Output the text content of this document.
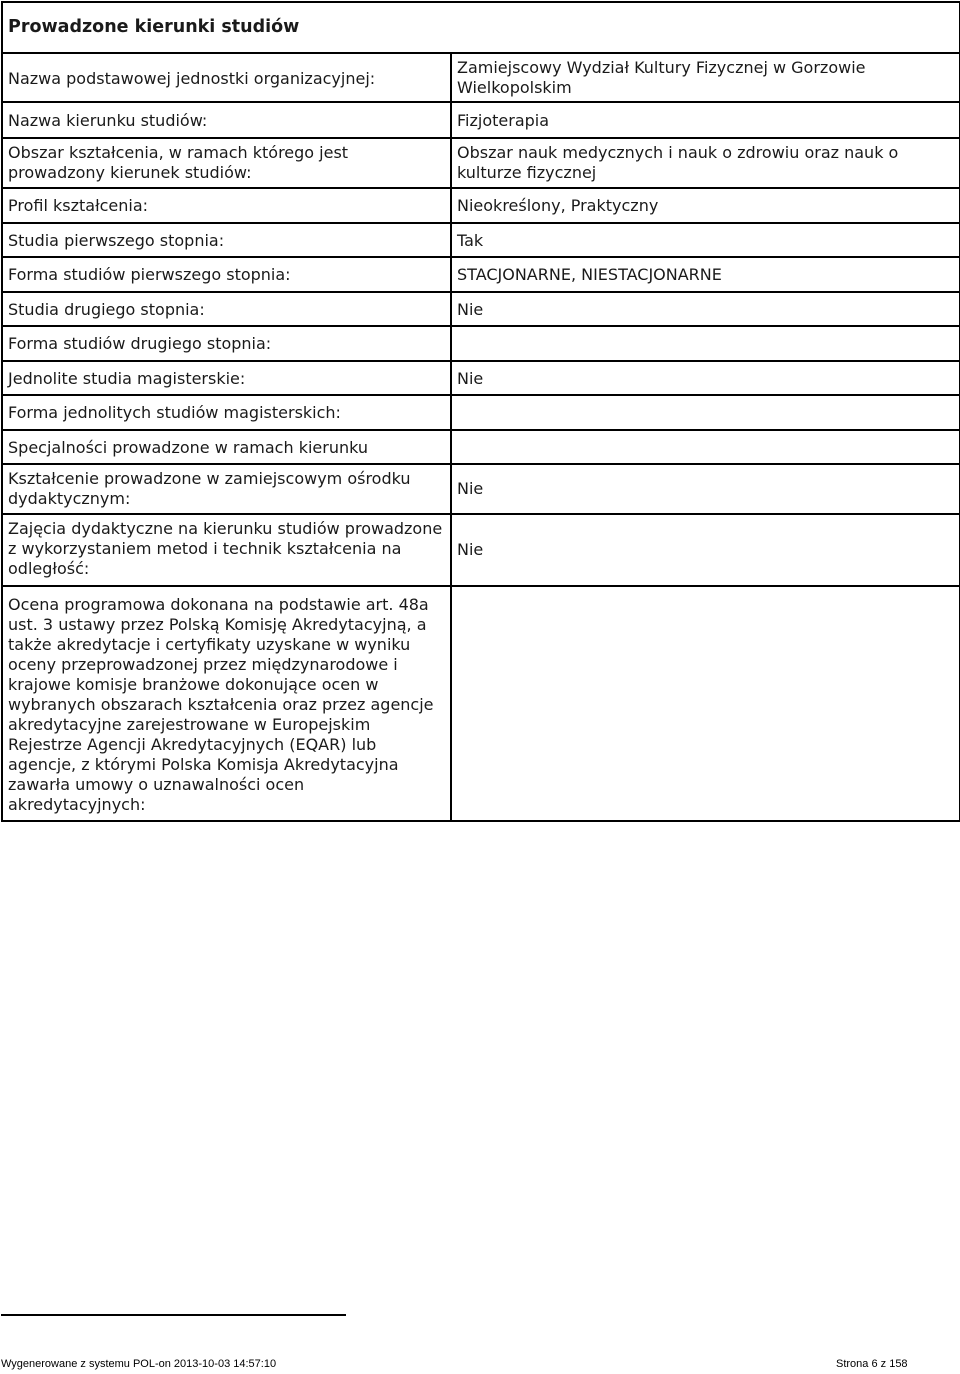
Prowadzone kierunki studiów	
Nazwa podstawowej jednostki organizacyjnej:	Zamiejscowy Wydział Kultury Fizycznej w Gorzowie Wielkopolskim
Nazwa kierunku studiów:	Fizjoterapia
Obszar kształcenia, w ramach którego jest prowadzony kierunek studiów:	Obszar nauk medycznych i nauk o zdrowiu oraz nauk o kulturze fizycznej
Profil kształcenia:	Nieokreślony, Praktyczny
Studia pierwszego stopnia:	Tak
Forma studiów pierwszego stopnia:	STACJONARNE, NIESTACJONARNE
Studia drugiego stopnia:	Nie
Forma studiów drugiego stopnia:	
Jednolite studia magisterskie:	Nie
Forma jednolitych studiów magisterskich:	
Specjalności prowadzone w ramach kierunku	
Kształcenie prowadzone w zamiejscowym ośrodku dydaktycznym:	Nie
Zajęcia dydaktyczne na kierunku studiów prowadzone z wykorzystaniem metod i technik kształcenia na odległość:	Nie
Ocena programowa dokonana na podstawie art. 48a ust. 3 ustawy przez Polską Komisję Akredytacyjną, a także akredytacje i certyfikaty uzyskane w wyniku oceny przeprowadzonej przez międzynarodowe i krajowe komisje branżowe dokonujące ocen w wybranych obszarach kształcenia oraz przez agencje akredytacyjne zarejestrowane w Europejskim Rejestrze Agencji Akredytacyjnych (EQAR) lub agencje, z którymi Polska Komisja Akredytacyjna zawarła umowy o uznawalności ocen akredytacyjnych:	
Wygenerowane z systemu POL-on 2013-10-03 14:57:10	Strona 6 z 158
